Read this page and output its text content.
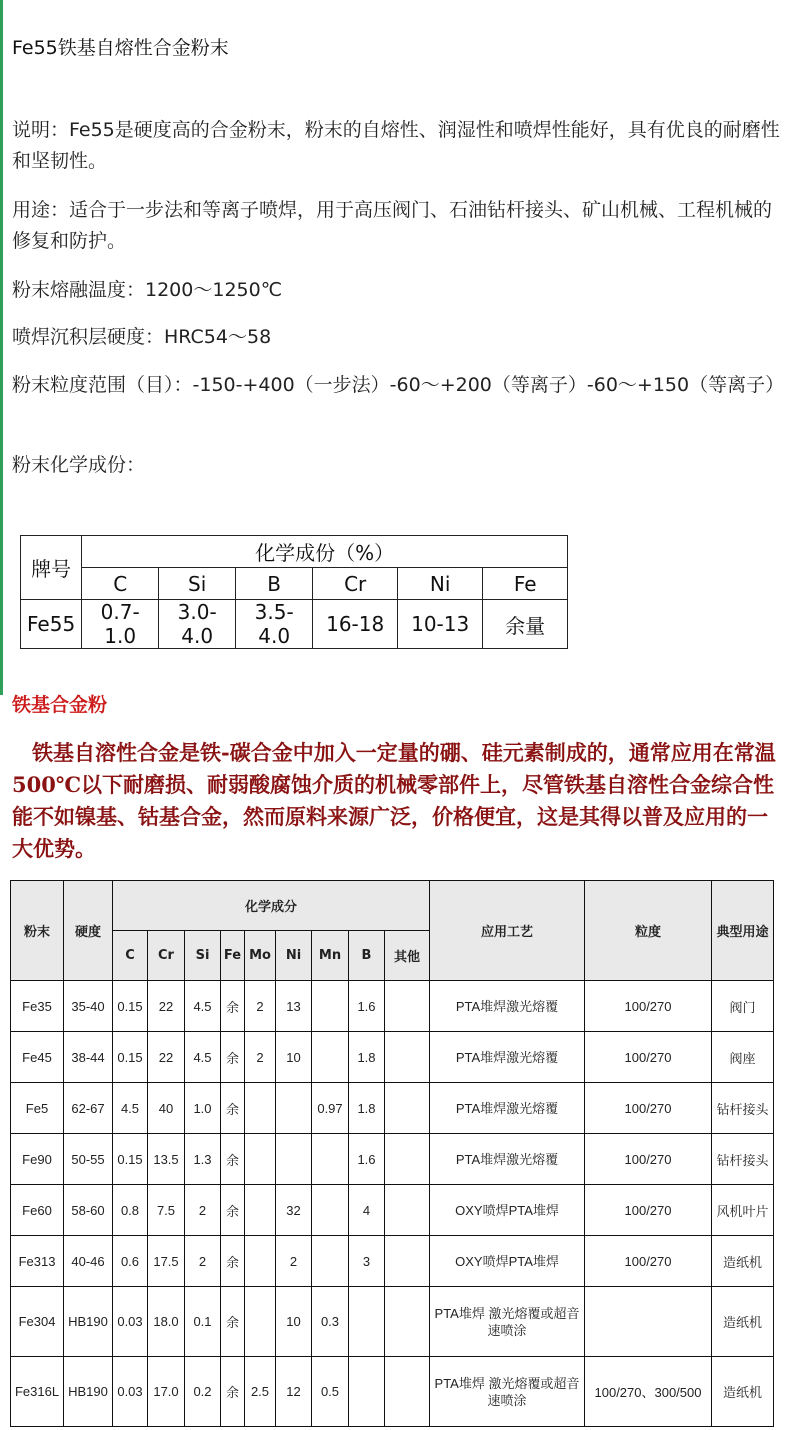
Fe55铁基自熔性合金粉末
说明：Fe55是硬度高的合金粉末，粉末的自熔性、润湿性和喷焊性能好，具有优良的耐磨性和坚韧性。
用途：适合于一步法和等离子喷焊，用于高压阀门、石油钻杆接头、矿山机械、工程机械的修复和防护。
粉末熔融温度：1200～1250℃
喷焊沉积层硬度：HRC54～58
粉末粒度范围（目）：-150-+400（一步法）-60～+200（等离子）-60～+150（等离子）
粉末化学成份：
牌号	化学成份（%）					
	C	Si	B	Cr	Ni	Fe
Fe55	0.7-1.0	3.0-4.0	3.5-4.0	16-18	10-13	余量
铁基合金粉
铁基自溶性合金是铁-碳合金中加入一定量的硼、硅元素制成的，通常应用在常温500℃以下耐磨损、耐弱酸腐蚀介质的机械零部件上，尽管铁基自溶性合金综合性能不如镍基、钴基合金，然而原料来源广泛，价格便宜，这是其得以普及应用的一大优势。
粉末	硬度	化学成分									应用工艺	粒度	典型用途
		C	Cr	Si	Fe	Mo	Ni	Mn	B	其他			
Fe35	35-40	0.15	22	4.5	余	2	13		1.6		PTA堆焊激光熔覆	100/270	阀门
Fe45	38-44	0.15	22	4.5	余	2	10		1.8		PTA堆焊激光熔覆	100/270	阀座
Fe5	62-67	4.5	40	1.0	余			0.97	1.8		PTA堆焊激光熔覆	100/270	钻杆接头
Fe90	50-55	0.15	13.5	1.3	余				1.6		PTA堆焊激光熔覆	100/270	钻杆接头
Fe60	58-60	0.8	7.5	2	余		32		4		OXY喷焊PTA堆焊	100/270	风机叶片
Fe313	40-46	0.6	17.5	2	余		2		3		OXY喷焊PTA堆焊	100/270	造纸机
Fe304	HB190	0.03	18.0	0.1	余		10	0.3			PTA堆焊 激光熔覆或超音速喷涂		造纸机
Fe316L	HB190	0.03	17.0	0.2	余	2.5	12	0.5			PTA堆焊 激光熔覆或超音速喷涂	100/270、300/500	造纸机
